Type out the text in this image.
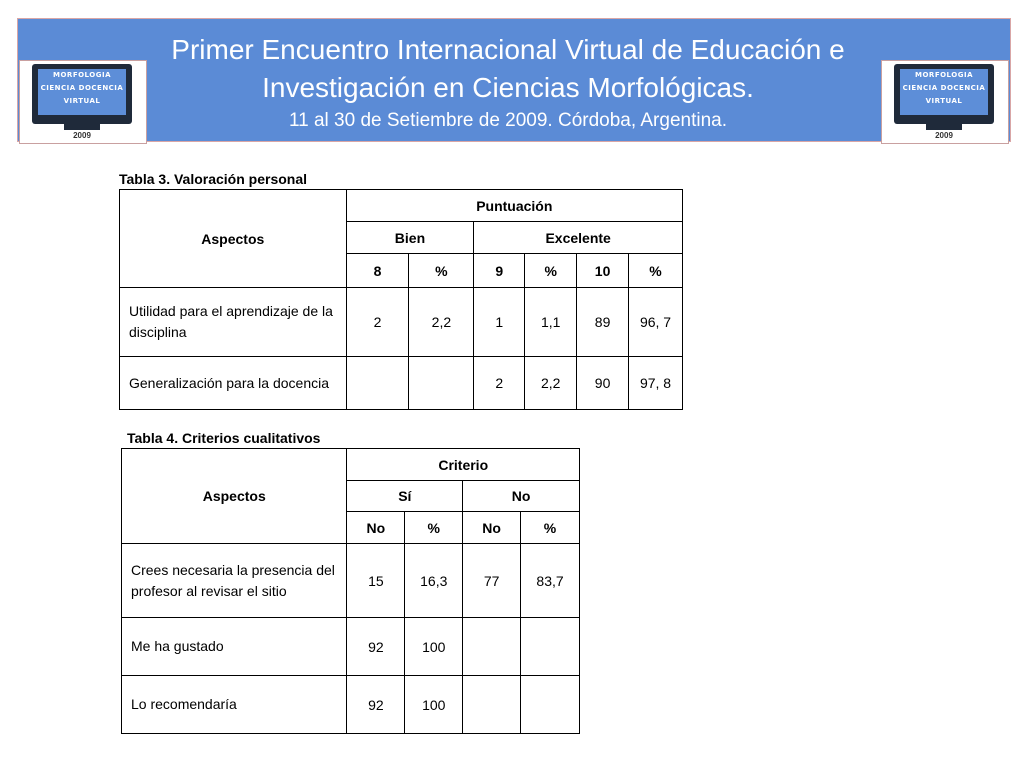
Primer Encuentro Internacional Virtual de Educación e
Investigación en Ciencias Morfológicas.
11 al 30 de Setiembre de 2009. Córdoba, Argentina.
MORFOLOGIA
CIENCIA DOCENCIA
VIRTUAL
2009
MORFOLOGIA
CIENCIA DOCENCIA
VIRTUAL
2009
Tabla 3. Valoración personal
Aspectos	Puntuación					
	Bien		Excelente			
	8	%	9	%	10	%
Utilidad para el aprendizaje de la disciplina	2	2,2	1	1,1	89	96, 7
Generalización para la docencia			2	2,2	90	97, 8
Tabla 4. Criterios cualitativos
Aspectos	Criterio			
	Sí		No	
	No	%	No	%
Crees necesaria la presencia del profesor al revisar el sitio	15	16,3	77	83,7
Me ha gustado	92	100		
Lo recomendaría	92	100		
